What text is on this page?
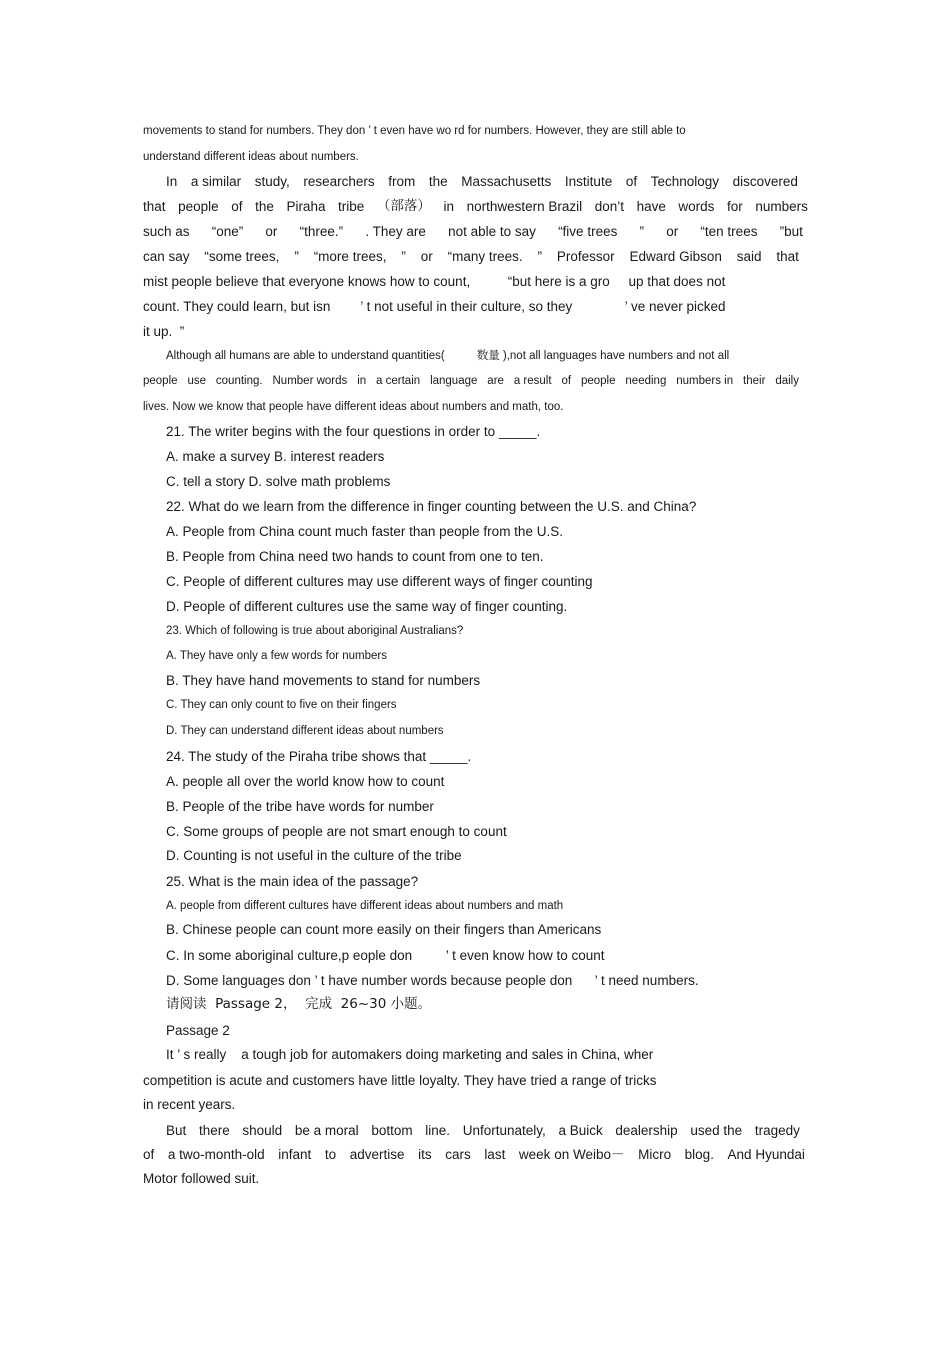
movements to stand for numbers. They don ’ t even have wo rd for numbers. However, they are still able to
understand different ideas about numbers.
In a similar study, researchers from the Massachusetts Institute of Technology discovered
that people of the Piraha tribe （部落） in northwestern Brazil don’t have words for numbers
such as “one” or “three.” . They are not able to say “five trees ” or “ten trees ”but
can say “some trees, ” “more trees, ” or “many trees. ” Professor Edward Gibson said that
mist people believe that everyone knows how to count,          “but here is a gro     up that does not
count. They could learn, but isn        ’ t not useful in their culture, so they              ’ ve never picked
it up.  ”
Although all humans are able to understand quantities(          数量 ),not all languages have numbers and not all
people use counting. Number words in a certain language are a result of people needing numbers in their daily
lives. Now we know that people have different ideas about numbers and math, too.
21. The writer begins with the four questions in order to _____.
A. make a survey B. interest readers
C. tell a story D. solve math problems
22. What do we learn from the difference in finger counting between the U.S. and China?
A. People from China count much faster than people from the U.S.
B. People from China need two hands to count from one to ten.
C. People of different cultures may use different ways of finger counting
D. People of different cultures use the same way of finger counting.
23. Which of following is true about aboriginal Australians?
A. They have only a few words for numbers
B. They have hand movements to stand for numbers
C. They can only count to five on their fingers
D. They can understand different ideas about numbers
24. The study of the Piraha tribe shows that _____.
A. people all over the world know how to count
B. People of the tribe have words for number
C. Some groups of people are not smart enough to count
D. Counting is not useful in the culture of the tribe
25. What is the main idea of the passage?
A. people from different cultures have different ideas about numbers and math
B. Chinese people can count more easily on their fingers than Americans
C. In some aboriginal culture,p eople don         ’ t even know how to count
D. Some languages don ’ t have number words because people don      ’ t need numbers.
请阅读  Passage 2，  完成  26~30 小题。
Passage 2
It ’ s really    a tough job for automakers doing marketing and sales in China, wher
competition is acute and customers have little loyalty. They have tried a range of tricks
in recent years.
But there should be a moral bottom line. Unfortunately, a Buick dealership used the tragedy
of a two-month-old infant to advertise its cars last week on Weibo－ Micro blog. And Hyundai
Motor followed suit.
